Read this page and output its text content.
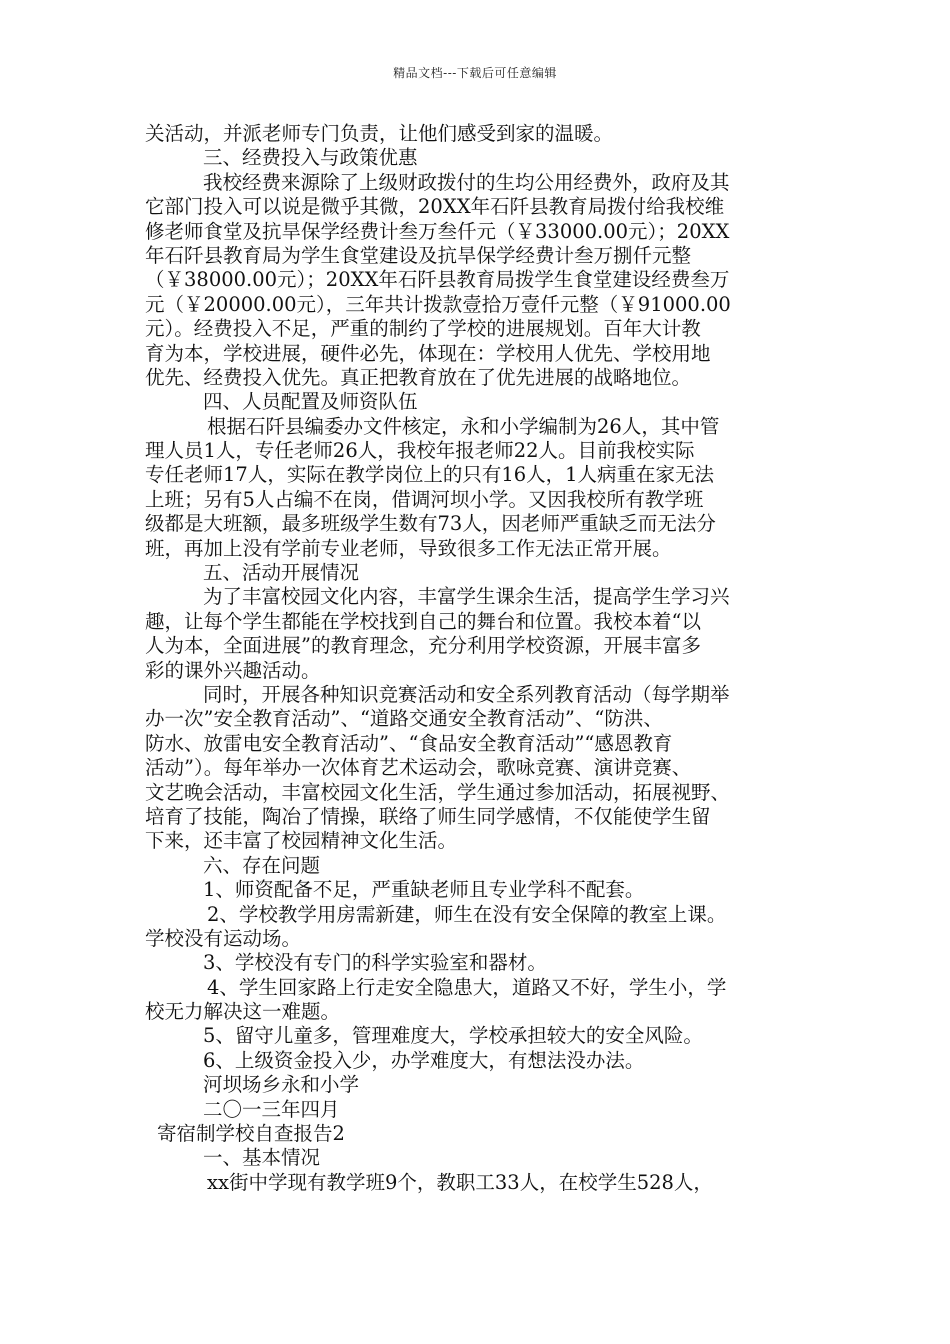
精品文档---下载后可任意编辑
关活动，并派老师专门负责，让他们感受到家的温暖。
三、经费投入与政策优惠
我校经费来源除了上级财政拨付的生均公用经费外，政府及其
它部门投入可以说是微乎其微，20XX年石阡县教育局拨付给我校维
修老师食堂及抗旱保学经费计叁万叁仟元（￥33000.00元）；20XX
年石阡县教育局为学生食堂建设及抗旱保学经费计叁万捌仟元整
（￥38000.00元）；20XX年石阡县教育局拨学生食堂建设经费叁万
元（￥20000.00元），三年共计拨款壹拾万壹仟元整（￥91000.00
元）。经费投入不足，严重的制约了学校的进展规划。百年大计教
育为本，学校进展，硬件必先，体现在：学校用人优先、学校用地
优先、经费投入优先。真正把教育放在了优先进展的战略地位。
四、人员配置及师资队伍
根据石阡县编委办文件核定，永和小学编制为26人，其中管
理人员1人，专任老师26人，我校年报老师22人。目前我校实际
专任老师17人，实际在教学岗位上的只有16人，1人病重在家无法
上班；另有5人占编不在岗，借调河坝小学。又因我校所有教学班
级都是大班额，最多班级学生数有73人，因老师严重缺乏而无法分
班，再加上没有学前专业老师，导致很多工作无法正常开展。
五、活动开展情况
为了丰富校园文化内容，丰富学生课余生活，提高学生学习兴
趣，让每个学生都能在学校找到自己的舞台和位置。我校本着“以
人为本，全面进展”的教育理念，充分利用学校资源，开展丰富多
彩的课外兴趣活动。
同时，开展各种知识竞赛活动和安全系列教育活动（每学期举
办一次”安全教育活动”、“道路交通安全教育活动”、“防洪、
防水、放雷电安全教育活动”、“食品安全教育活动”“感恩教育
活动”）。每年举办一次体育艺术运动会，歌咏竞赛、演讲竞赛、
文艺晚会活动，丰富校园文化生活，学生通过参加活动，拓展视野、
培育了技能，陶冶了情操，联络了师生同学感情，不仅能使学生留
下来，还丰富了校园精神文化生活。
六、存在问题
1、师资配备不足，严重缺老师且专业学科不配套。
2、学校教学用房需新建，师生在没有安全保障的教室上课。
学校没有运动场。
3、学校没有专门的科学实验室和器材。
4、学生回家路上行走安全隐患大，道路又不好，学生小，学
校无力解决这一难题。
5、留守儿童多，管理难度大，学校承担较大的安全风险。
6、上级资金投入少，办学难度大，有想法没办法。
河坝场乡永和小学
二〇一三年四月
寄宿制学校自查报告2
一、基本情况
xx街中学现有教学班9个，教职工33人，在校学生528人，
